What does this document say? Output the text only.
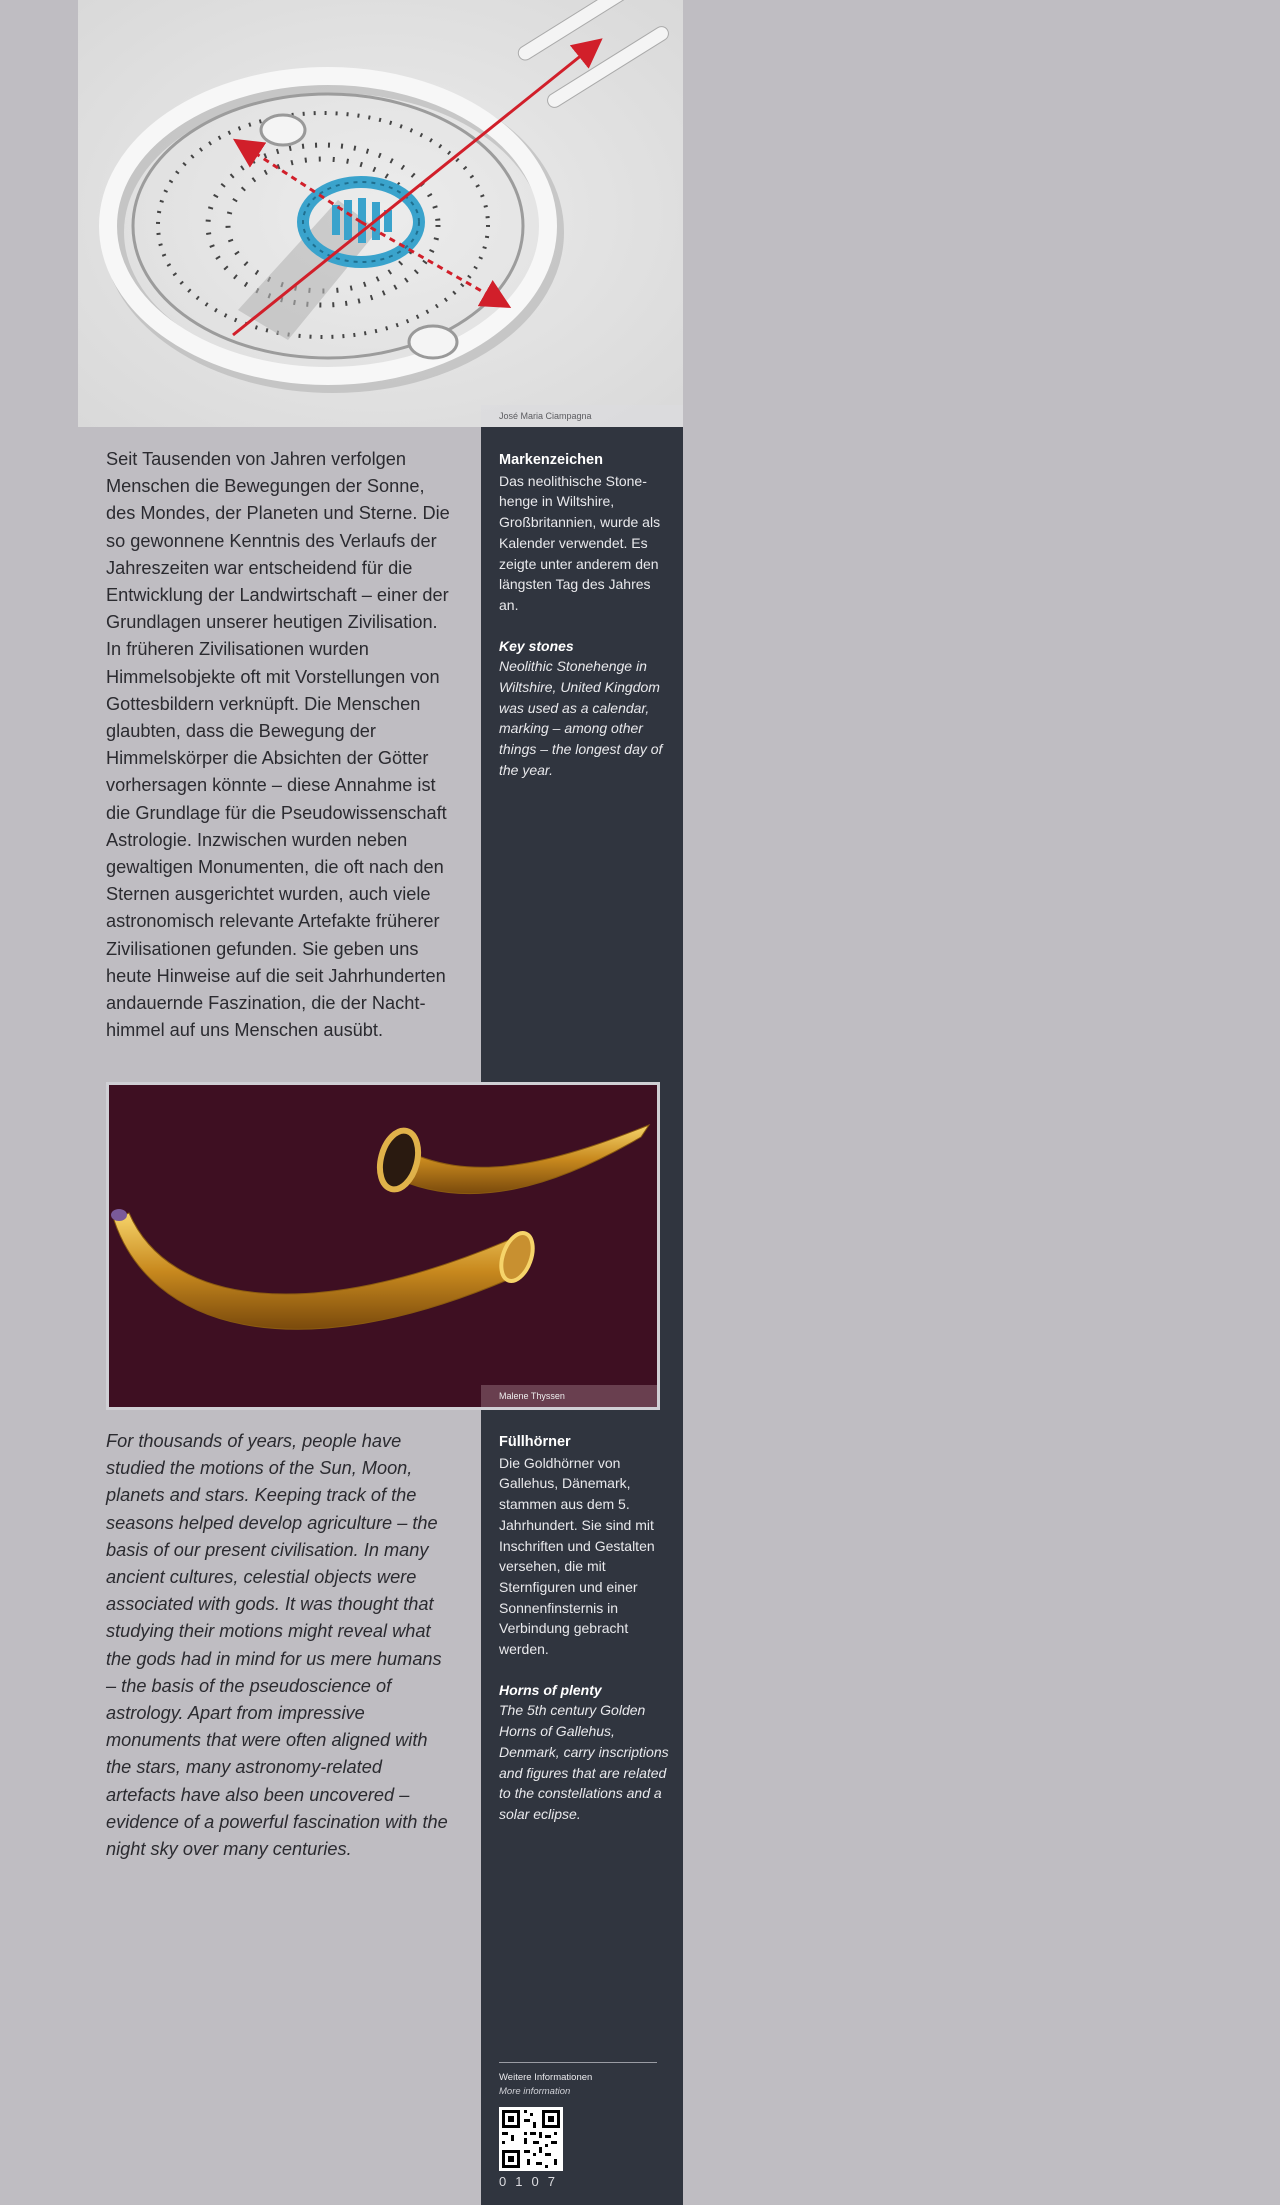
José Maria Ciampagna

Seit Tausenden von Jahren verfolgen Menschen die Bewegungen der Sonne, des Mondes, der Planeten und Sterne. Die so gewonnene Kenntnis des Verlaufs der Jahreszeiten war entscheidend für die Entwicklung der Landwirtschaft – einer der Grundlagen unserer heutigen Zivilisation. In früheren Zivilisationen wurden Himmelsobjekte oft mit Vorstellungen von Gottesbildern verknüpft. Die Menschen glaubten, dass die Bewegung der Himmelskörper die Absichten der Götter vorhersagen könnte – diese Annahme ist die Grundlage für die Pseudowissenschaft Astrologie. Inzwischen wurden neben gewaltigen Monumenten, die oft nach den Sternen ausgerichtet wurden, auch viele astronomisch relevante Artefakte früherer Zivilisationen gefunden. Sie geben uns heute Hinweise auf die seit Jahrhunderten andauernde Faszination, die der Nachthimmel auf uns Menschen ausübt.

Markenzeichen

Das neolithische Stonehenge in Wiltshire, Großbritannien, wurde als Kalender verwendet. Es zeigte unter anderem den längsten Tag des Jahres an.

Key stones

Neolithic Stonehenge in Wiltshire, United Kingdom was used as a calendar, marking – among other things – the longest day of the year.

Malene Thyssen

For thousands of years, people have studied the motions of the Sun, Moon, planets and stars. Keeping track of the seasons helped develop agriculture – the basis of our present civilisation. In many ancient cultures, celestial objects were associated with gods. It was thought that studying their motions might reveal what the gods had in mind for us mere humans – the basis of the pseudoscience of astrology. Apart from impressive monuments that were often aligned with the stars, many astronomy-related artefacts have also been uncovered – evidence of a powerful fascination with the night sky over many centuries.

Füllhörner

Die Goldhörner von Gallehus, Dänemark, stammen aus dem 5. Jahrhundert. Sie sind mit Inschriften und Gestalten versehen, die mit Sternfiguren und einer Sonnenfinsternis in Verbindung gebracht werden.

Horns of plenty

The 5th century Golden Horns of Gallehus, Denmark, carry inscriptions and figures that are related to the constellations and a solar eclipse.

Weitere Informationen
More information
0107
